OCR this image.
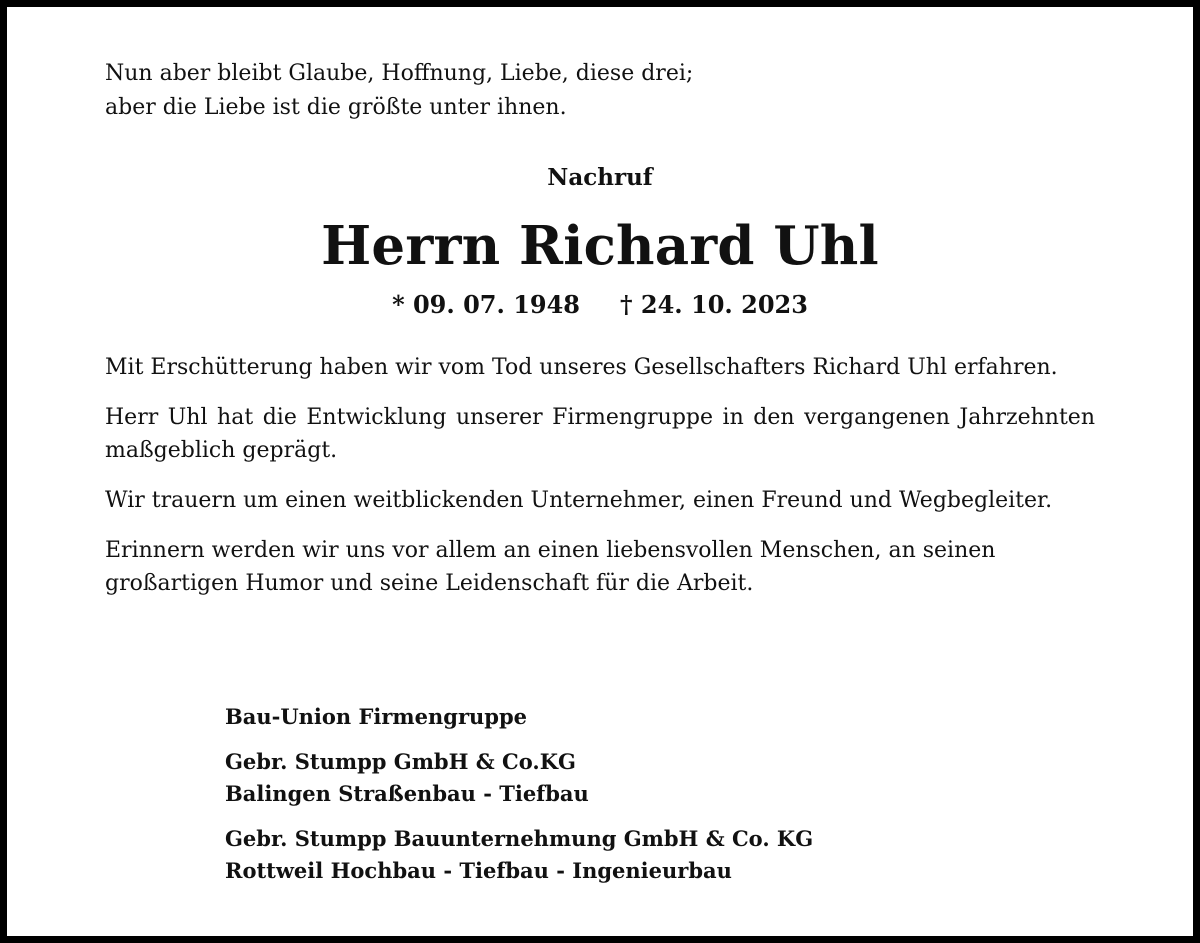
Nun aber bleibt Glaube, Hoffnung, Liebe, diese drei;
aber die Liebe ist die größte unter ihnen.
Nachruf
Herrn Richard Uhl
* 09. 07. 1948 † 24. 10. 2023

Mit Erschütterung haben wir vom Tod unseres Gesellschafters Richard Uhl erfahren.

Herr Uhl hat die Entwicklung unserer Firmengruppe in den vergangenen Jahrzehnten maßgeblich geprägt.

Wir trauern um einen weitblickenden Unternehmer, einen Freund und Wegbegleiter.

Erinnern werden wir uns vor allem an einen liebensvollen Menschen, an seinen großartigen Humor und seine Leidenschaft für die Arbeit.

Bau-Union Firmengruppe
Gebr. Stumpp GmbH & Co.KG
Balingen Straßenbau - Tiefbau
Gebr. Stumpp Bauunternehmung GmbH & Co. KG
Rottweil Hochbau - Tiefbau - Ingenieurbau
